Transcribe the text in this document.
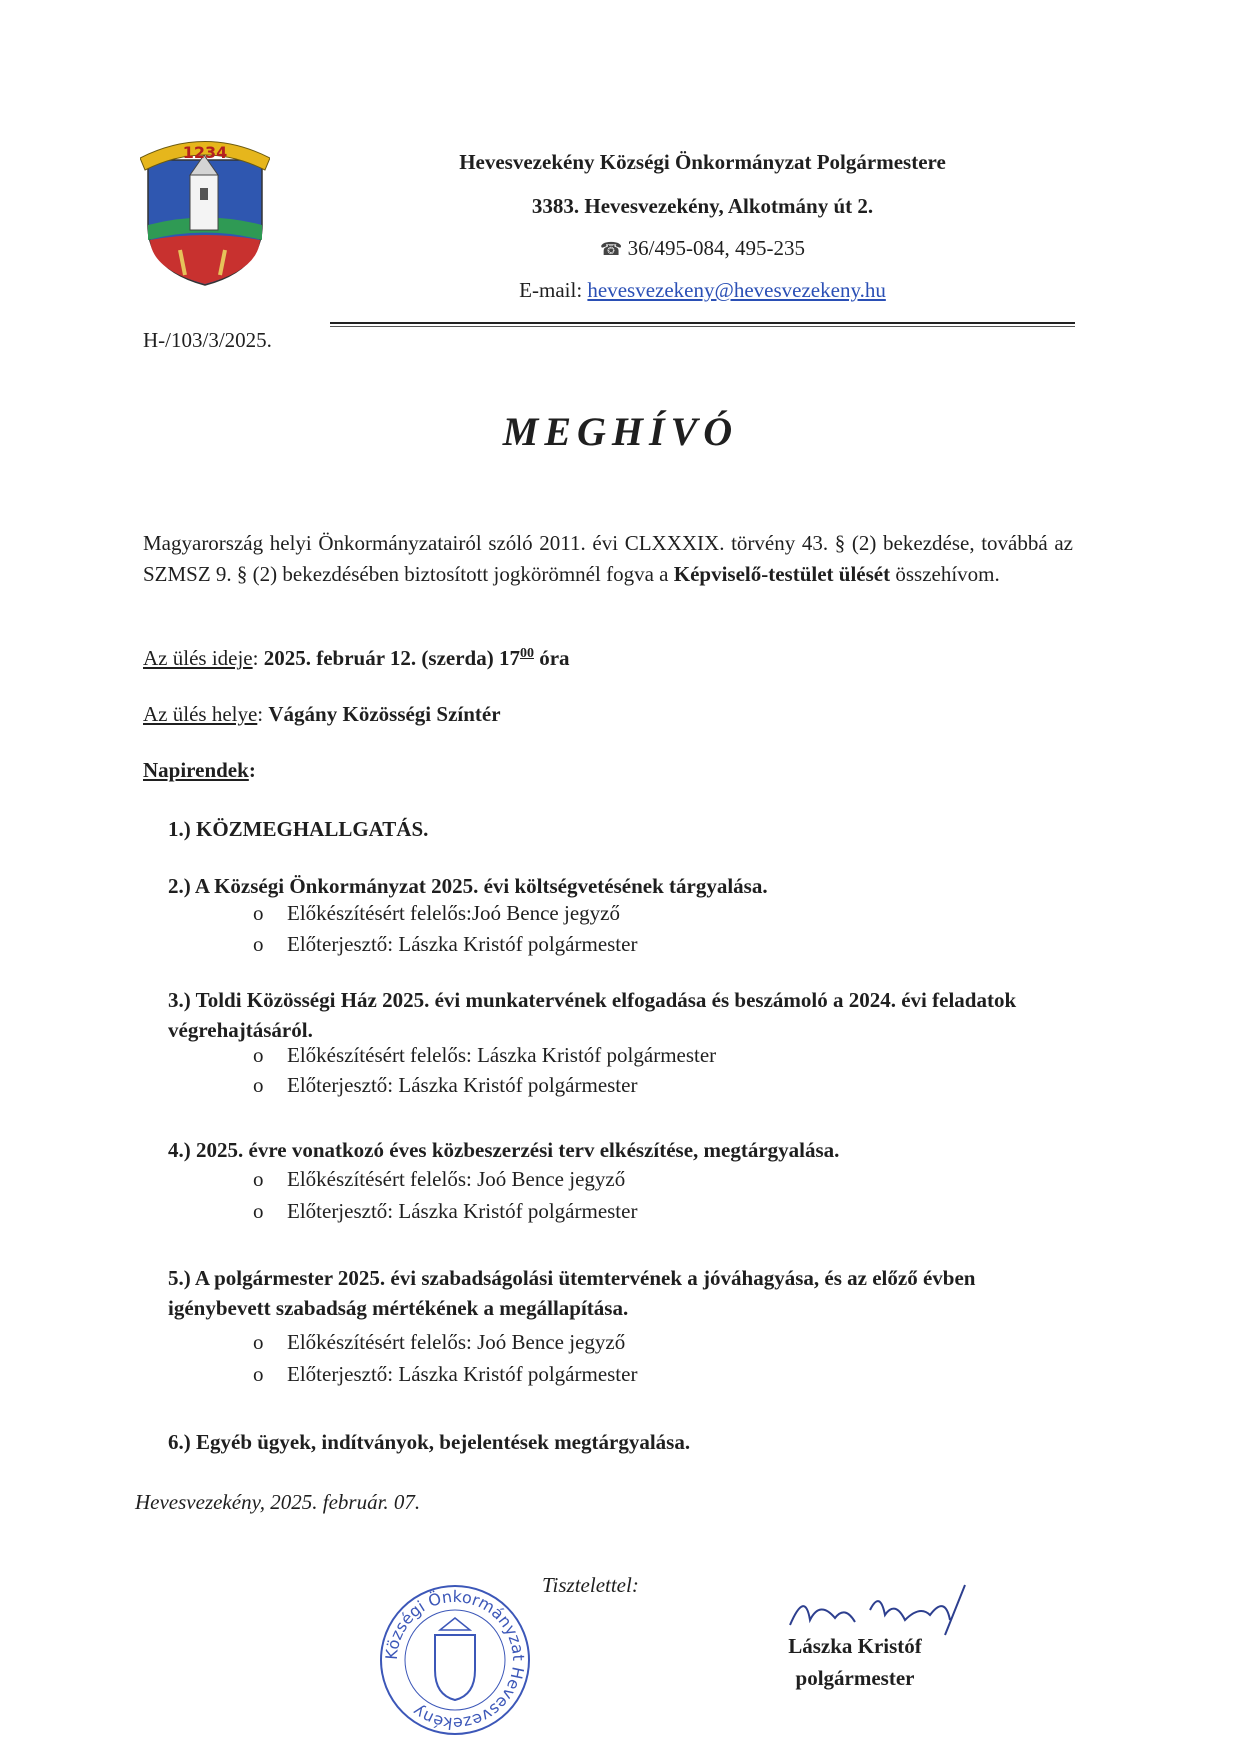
1234	Hevesvezekény Községi Önkormányzat Polgármestere
3383. Hevesvezekény, Alkotmány út 2.
☎ 36/495-084, 495-235
E-mail: hevesvezekeny@hevesvezekeny.hu
H-/103/3/2025.
MEGHÍVÓ
Magyarország helyi Önkormányzatairól szóló 2011. évi CLXXXIX. törvény 43. § (2) bekezdése, továbbá az SZMSZ 9. § (2) bekezdésében biztosított jogkörömnél fogva a Képviselő-testület ülését összehívom.
Az ülés ideje: 2025. február 12. (szerda) $17^{00}$ óra
Az ülés helye: Vágány Közösségi Színtér
Napirendek:
1.) KÖZMEGHALLGATÁS.
2.) A Községi Önkormányzat 2025. évi költségvetésének tárgyalása.
o Előkészítésért felelős:Joó Bence jegyző
o Előterjesztő: Lászka Kristóf polgármester
3.) Toldi Közösségi Ház 2025. évi munkatervének elfogadása és beszámoló a 2024. évi feladatok végrehajtásáról.
o Előkészítésért felelős: Lászka Kristóf polgármester
o Előterjesztő: Lászka Kristóf polgármester
4.) 2025. évre vonatkozó éves közbeszerzési terv elkészítése, megtárgyalása.
o Előkészítésért felelős: Joó Bence jegyző
o Előterjesztő: Lászka Kristóf polgármester
5.) A polgármester 2025. évi szabadságolási ütemtervének a jóváhagyása, és az előző évben igénybevett szabadság mértékének a megállapítása.
o Előkészítésért felelős: Joó Bence jegyző
o Előterjesztő: Lászka Kristóf polgármester
6.) Egyéb ügyek, indítványok, bejelentések megtárgyalása.
Hevesvezekény, 2025. február. 07.
Tisztelettel:
Községi Önkormányzat Hevesvezekény
Lászka Kristóf
polgármester
